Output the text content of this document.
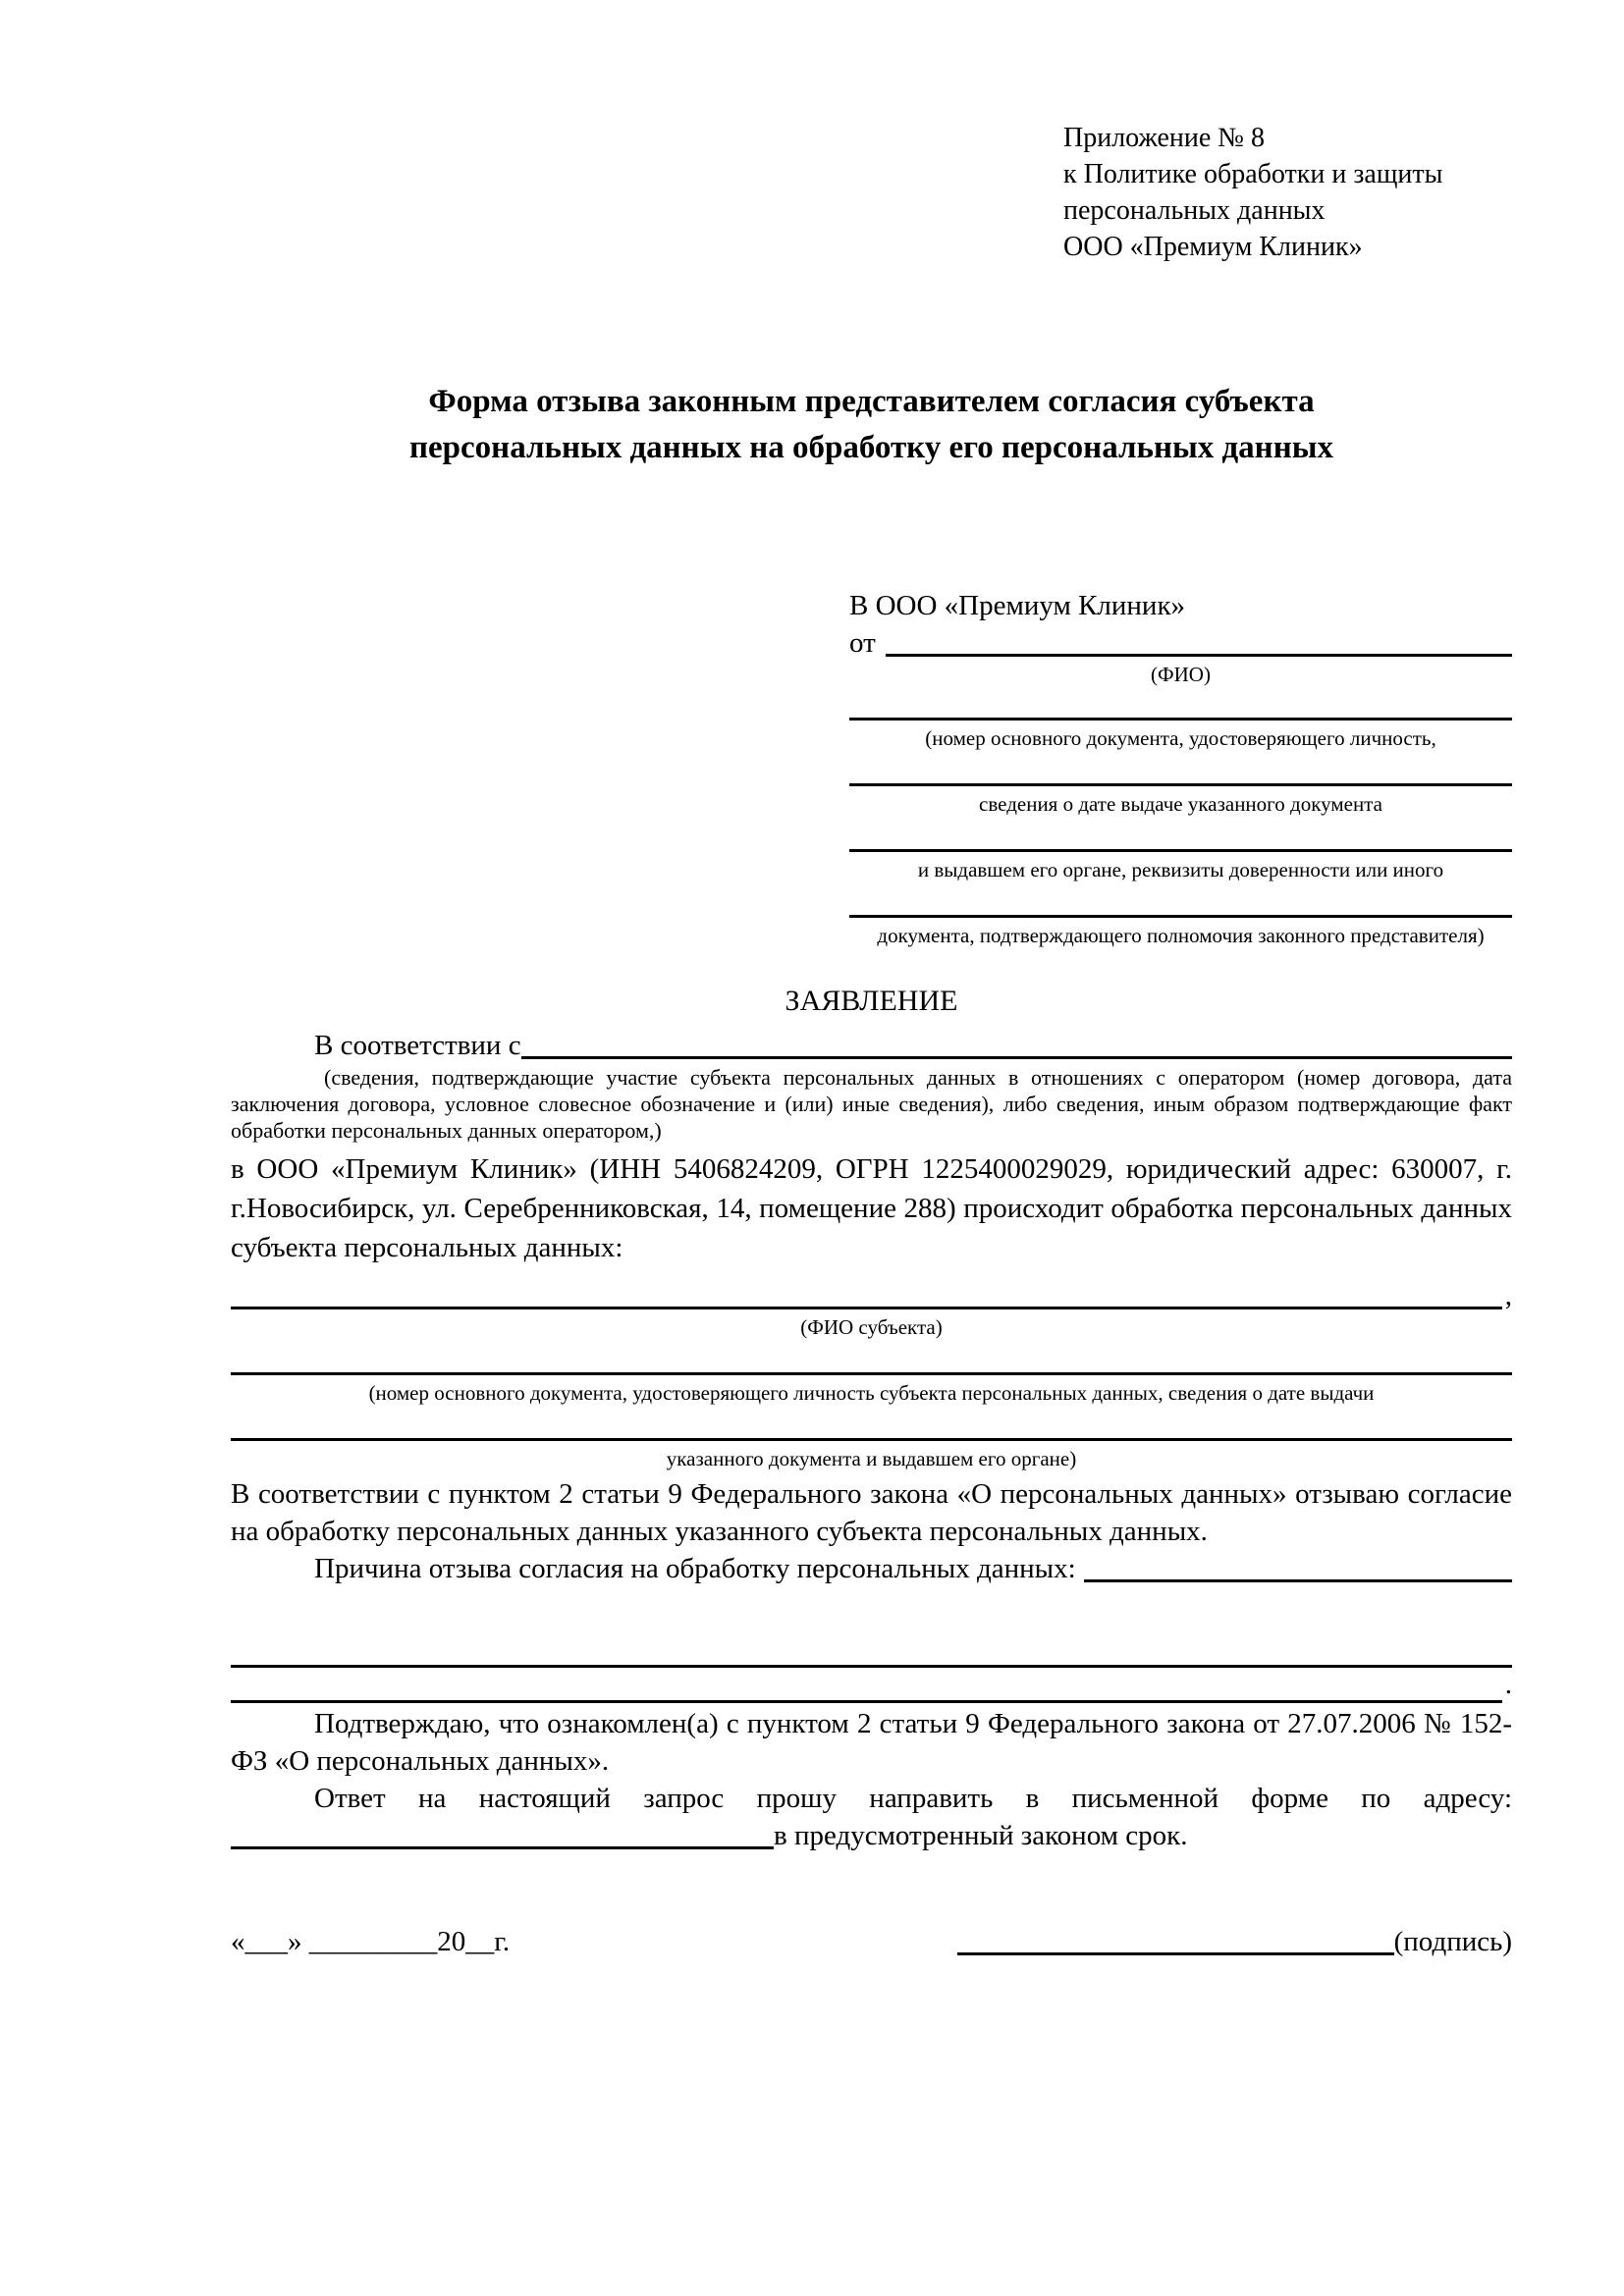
Приложение № 8
к Политике обработки и защиты
персональных данных
ООО «Премиум Клиник»
Форма отзыва законным представителем согласия субъекта
персональных данных на обработку его персональных данных
В ООО «Премиум Клиник»
от
(ФИО)
(номер основного документа, удостоверяющего личность,
сведения о дате выдаче указанного документа
и выдавшем его органе, реквизиты доверенности или иного
документа, подтверждающего полномочия законного представителя)
ЗАЯВЛЕНИЕ
В соответствии с

(сведения, подтверждающие участие субъекта персональных данных в отношениях с оператором (номер договора, дата заключения договора, условное словесное обозначение и (или) иные сведения), либо сведения, иным образом подтверждающие факт обработки персональных данных оператором,)

в ООО «Премиум Клиник» (ИНН 5406824209, ОГРН 1225400029029, юридический адрес: 630007, г. г.Новосибирск, ул. Серебренниковская, 14, помещение 288) происходит обработка персональных данных субъекта персональных данных:

,
(ФИО субъекта)
(номер основного документа, удостоверяющего личность субъекта персональных данных, сведения о дате выдачи
указанного документа и выдавшем его органе)

В соответствии с пунктом 2 статьи 9 Федерального закона «О персональных данных» отзываю согласие на обработку персональных данных указанного субъекта персональных данных.

Причина отзыва согласия на обработку персональных данных:
.

Подтверждаю, что ознакомлен(а) с пунктом 2 статьи 9 Федерального закона от 27.07.2006 № 152-ФЗ «О персональных данных».

Ответ на настоящий запрос прошу направить в письменной форме по адресу:

в предусмотренный законом срок.
«___» _________20__г.	(подпись)
